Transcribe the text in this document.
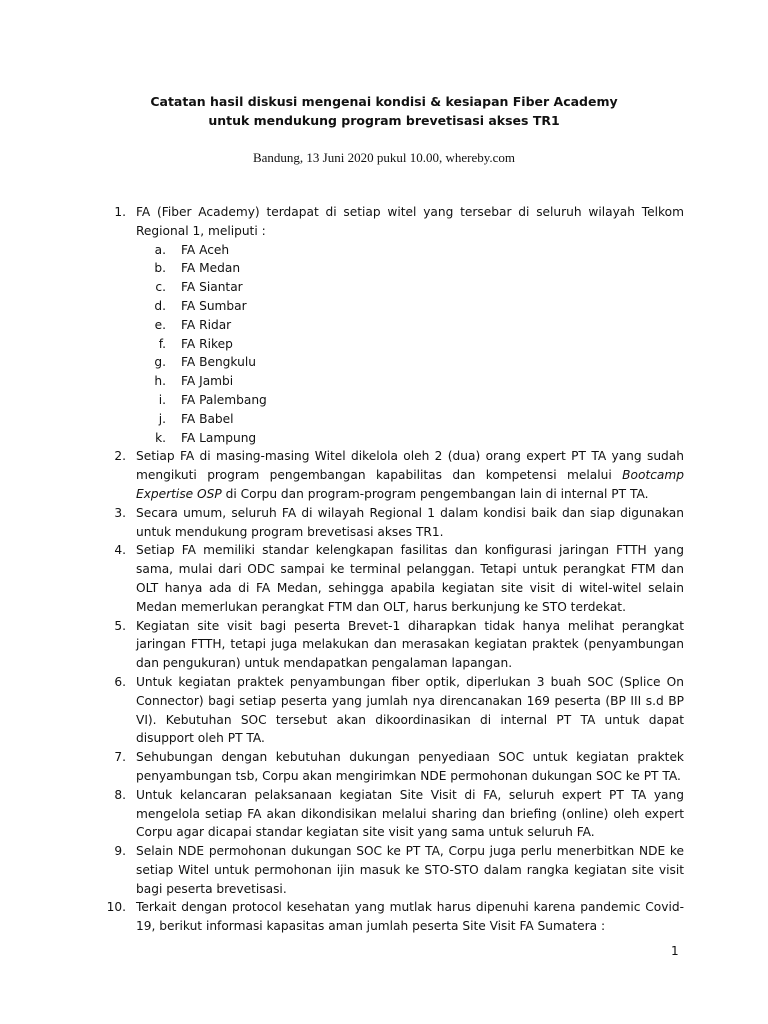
Catatan hasil diskusi mengenai kondisi & kesiapan Fiber Academy
untuk mendukung program brevetisasi akses TR1
Bandung, 13 Juni 2020 pukul 10.00, whereby.com
1. FA (Fiber Academy) terdapat di setiap witel yang tersebar di seluruh wilayah Telkom Regional 1, meliputi :
a. FA Aceh
b. FA Medan
c. FA Siantar
d. FA Sumbar
e. FA Ridar
f. FA Rikep
g. FA Bengkulu
h. FA Jambi
i. FA Palembang
j. FA Babel
k. FA Lampung
2. Setiap FA di masing-masing Witel dikelola oleh 2 (dua) orang expert PT TA yang sudah mengikuti program pengembangan kapabilitas dan kompetensi melalui Bootcamp Expertise OSP di Corpu dan program-program pengembangan lain di internal PT TA.
3. Secara umum, seluruh FA di wilayah Regional 1 dalam kondisi baik dan siap digunakan untuk mendukung program brevetisasi akses TR1.
4. Setiap FA memiliki standar kelengkapan fasilitas dan konfigurasi jaringan FTTH yang sama, mulai dari ODC sampai ke terminal pelanggan. Tetapi untuk perangkat FTM dan OLT hanya ada di FA Medan, sehingga apabila kegiatan site visit di witel-witel selain Medan memerlukan perangkat FTM dan OLT, harus berkunjung ke STO terdekat.
5. Kegiatan site visit bagi peserta Brevet-1 diharapkan tidak hanya melihat perangkat jaringan FTTH, tetapi juga melakukan dan merasakan kegiatan praktek (penyambungan dan pengukuran) untuk mendapatkan pengalaman lapangan.
6. Untuk kegiatan praktek penyambungan fiber optik, diperlukan 3 buah SOC (Splice On Connector) bagi setiap peserta yang jumlah nya direncanakan 169 peserta (BP III s.d BP VI). Kebutuhan SOC tersebut akan dikoordinasikan di internal PT TA untuk dapat disupport oleh PT TA.
7. Sehubungan dengan kebutuhan dukungan penyediaan SOC untuk kegiatan praktek penyambungan tsb, Corpu akan mengirimkan NDE permohonan dukungan SOC ke PT TA.
8. Untuk kelancaran pelaksanaan kegiatan Site Visit di FA, seluruh expert PT TA yang mengelola setiap FA akan dikondisikan melalui sharing dan briefing (online) oleh expert Corpu agar dicapai standar kegiatan site visit yang sama untuk seluruh FA.
9. Selain NDE permohonan dukungan SOC ke PT TA, Corpu juga perlu menerbitkan NDE ke setiap Witel untuk permohonan ijin masuk ke STO-STO dalam rangka kegiatan site visit bagi peserta brevetisasi.
10. Terkait dengan protocol kesehatan yang mutlak harus dipenuhi karena pandemic Covid-19, berikut informasi kapasitas aman jumlah peserta Site Visit FA Sumatera :
1
